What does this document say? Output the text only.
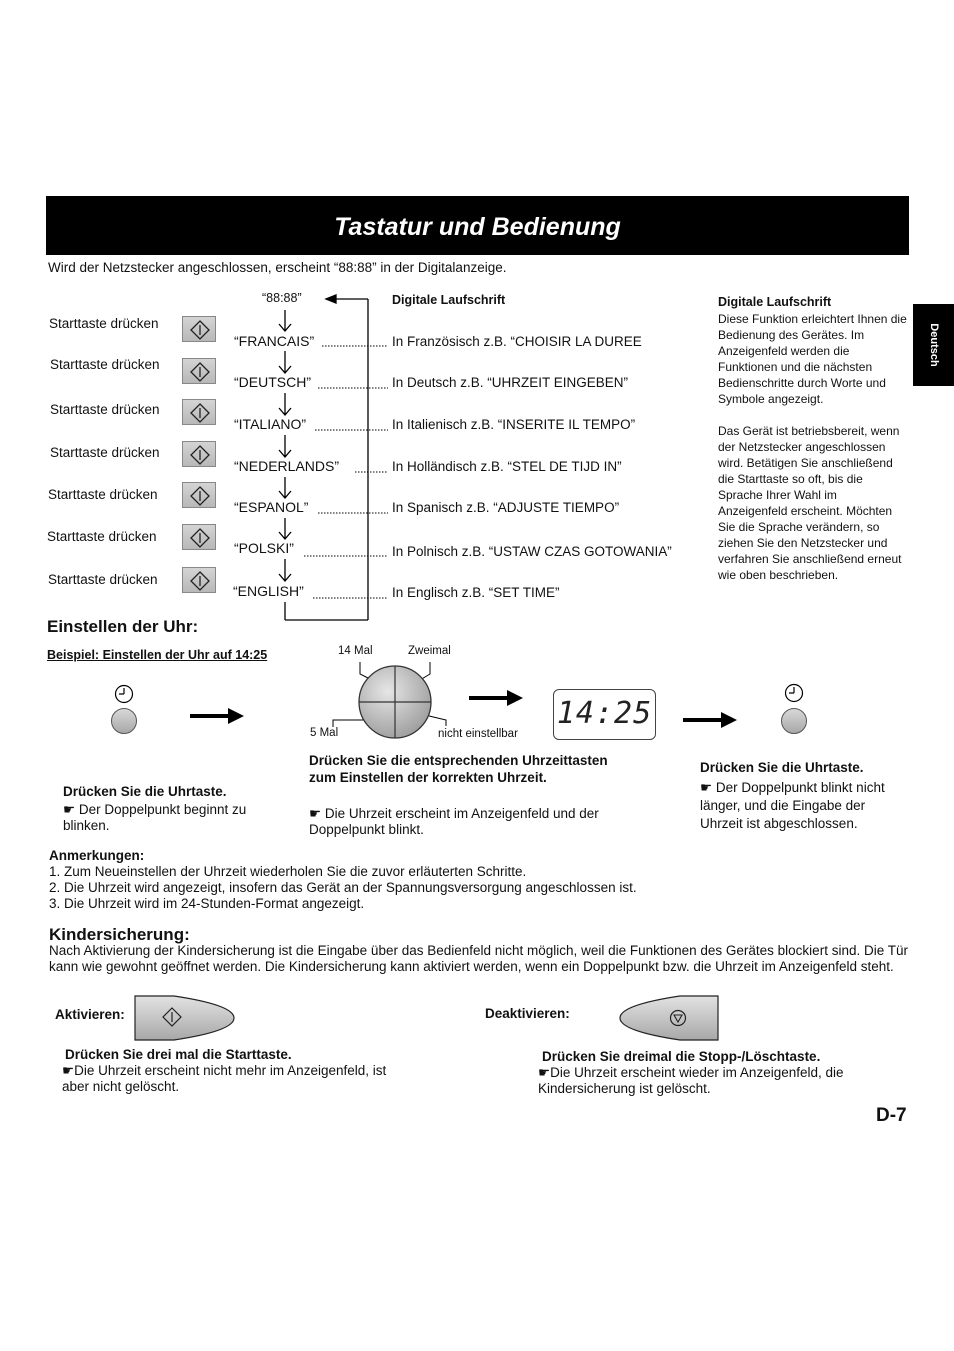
Tastatur und Bedienung
Deutsch
Wird der Netzstecker angeschlossen, erscheint “88:88” in der Digitalanzeige.
“88:88”	Digitale Laufschrift
Starttaste drücken
“FRANCAIS”	In Französisch z.B. “CHOISIR LA DUREE
Starttaste drücken
“DEUTSCH”	In Deutsch z.B. “UHRZEIT EINGEBEN”
Starttaste drücken
“ITALIANO”	In Italienisch z.B. “INSERITE IL TEMPO”
Starttaste drücken
“NEDERLANDS”	In Holländisch z.B. “STEL DE TIJD IN”
Starttaste drücken
“ESPANOL”	In Spanisch z.B. “ADJUSTE TIEMPO”
Starttaste drücken
“POLSKI”	In Polnisch z.B. “USTAW CZAS GOTOWANIA”
Starttaste drücken
“ENGLISH”	In Englisch z.B. “SET TIME”
Digitale Laufschrift
Diese Funktion erleichtert Ihnen die Bedienung des Gerätes. Im Anzeigenfeld werden die Funktionen und die nächsten Bedienschritte durch Worte und Symbole angezeigt.
Das Gerät ist betriebsbereit, wenn der Netzstecker angeschlossen wird. Betätigen Sie anschließend die Starttaste so oft, bis die Sprache Ihrer Wahl im Anzeigenfeld erscheint. Möchten Sie die Sprache verändern, so ziehen Sie den Netzstecker und verfahren Sie anschließend erneut wie oben beschrieben.
Einstellen der Uhr:
Beispiel: Einstellen der Uhr auf 14:25	14 Mal	Zweimal
5 Mal	nicht einstellbar
14:25
Drücken Sie die Uhrtaste.
☛ Der Doppelpunkt beginnt zu blinken.
Drücken Sie die entsprechenden Uhrzeittasten zum Einstellen der korrekten Uhrzeit.
☛ Die Uhrzeit erscheint im Anzeigenfeld und der Doppelpunkt blinkt.
Drücken Sie die Uhrtaste.
☛ Der Doppelpunkt blinkt nicht länger, und die Eingabe der Uhrzeit ist abgeschlossen.
Anmerkungen:
1. Zum Neueinstellen der Uhrzeit wiederholen Sie die zuvor erläuterten Schritte.
2. Die Uhrzeit wird angezeigt, insofern das Gerät an der Spannungsversorgung angeschlossen ist.
3. Die Uhrzeit wird im 24-Stunden-Format angezeigt.
Kindersicherung:
Nach Aktivierung der Kindersicherung ist die Eingabe über das Bedienfeld nicht möglich, weil die Funktionen des Gerätes blockiert sind. Die Tür kann wie gewohnt geöffnet werden. Die Kindersicherung kann aktiviert werden, wenn ein Doppelpunkt bzw. die Uhrzeit im Anzeigenfeld steht.
Aktivieren:
Drücken Sie drei mal die Starttaste.
☛Die Uhrzeit erscheint nicht mehr im Anzeigenfeld, ist aber nicht gelöscht.
Deaktivieren:
Drücken Sie dreimal die Stopp-/Löschtaste.
☛Die Uhrzeit erscheint wieder im Anzeigenfeld, die Kindersicherung ist gelöscht.
D-7
